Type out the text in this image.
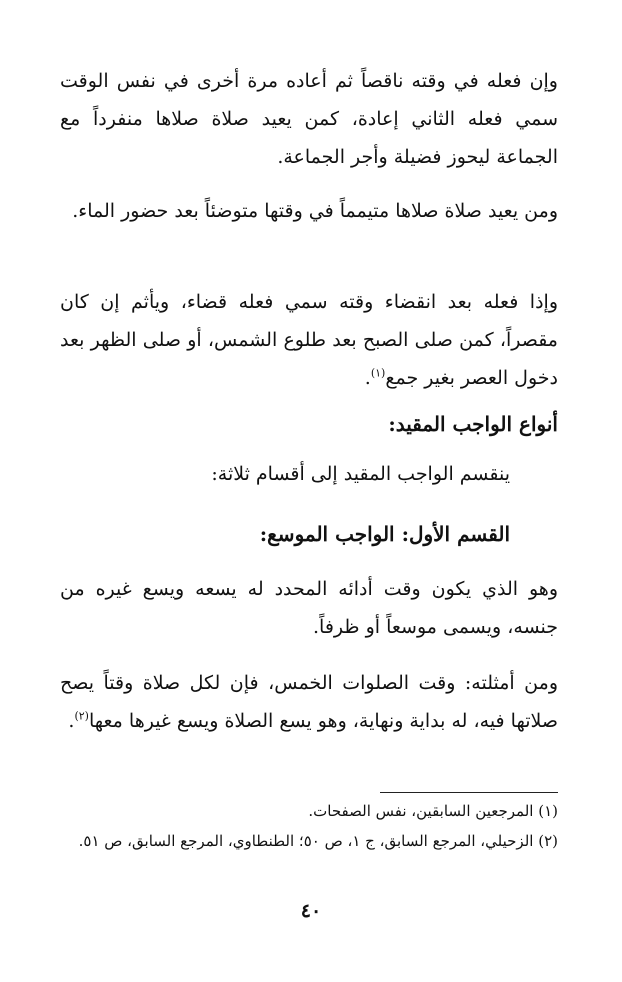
وإن فعله في وقته ناقصاً ثم أعاده مرة أخرى في نفس الوقت سمي فعله الثاني إعادة، كمن يعيد صلاة صلاها منفرداً مع الجماعة ليحوز فضيلة وأجر الجماعة.

ومن يعيد صلاة صلاها متيمماً في وقتها متوضئاً بعد حضور الماء.

وإذا فعله بعد انقضاء وقته سمي فعله قضاء، ويأثم إن كان مقصراً، كمن صلى الصبح بعد طلوع الشمس، أو صلى الظهر بعد دخول العصر بغير جمع$^{(١)}$.

أنواع الواجب المقيد:

ينقسم الواجب المقيد إلى أقسام ثلاثة:

القسم الأول: الواجب الموسع:

وهو الذي يكون وقت أدائه المحدد له يسعه ويسع غيره من جنسه، ويسمى موسعاً أو ظرفاً.

ومن أمثلته: وقت الصلوات الخمس، فإن لكل صلاة وقتاً يصح صلاتها فيه، له بداية ونهاية، وهو يسع الصلاة ويسع غيرها معها$^{(٢)}$.

(١) المرجعين السابقين، نفس الصفحات.

(٢) الزحيلي، المرجع السابق، ج ١، ص ٥٠؛ الطنطاوي، المرجع السابق، ص ٥١.

٤٠
